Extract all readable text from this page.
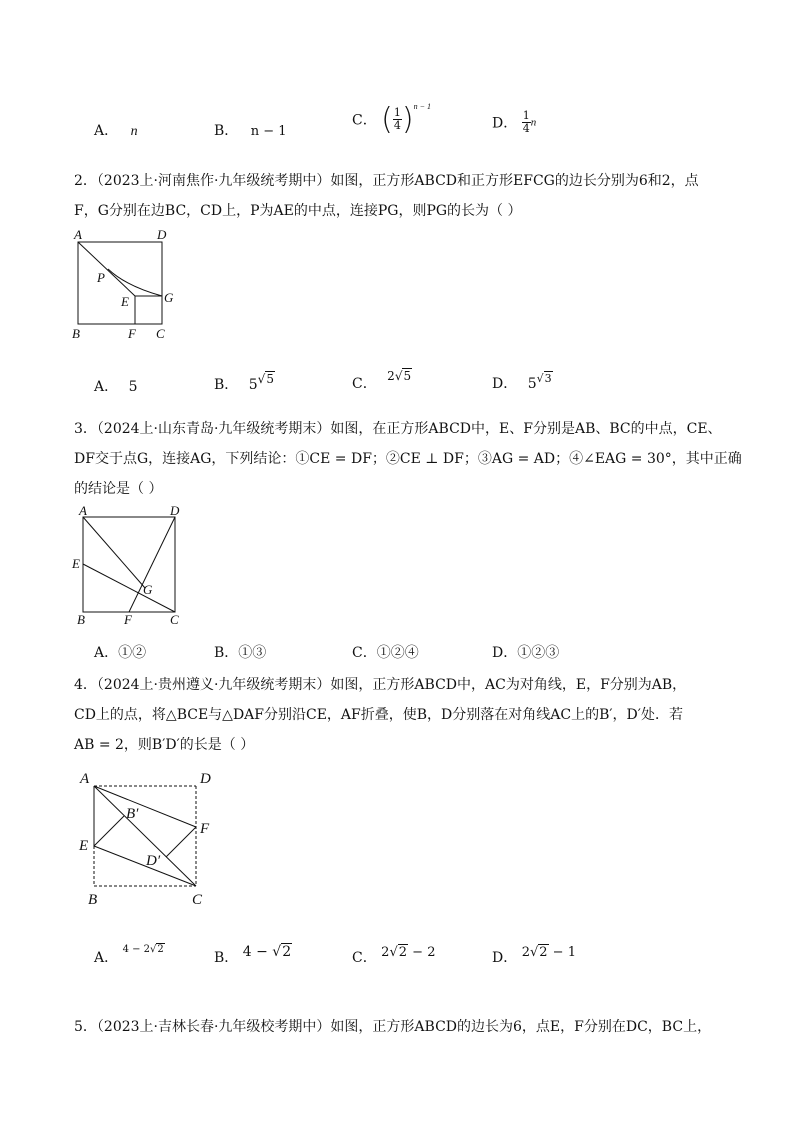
A． n	B． n − 1
C． ( $\frac{1}{4} )^{n - 1}$
D． $\frac{1}{4}$ n
2．（2023上·河南焦作·九年级统考期中）如图，正方形ABCD和正方形EFCG的边长分别为6和2，点
F，G分别在边BC，CD上，P为AE的中点，连接PG，则PG的长为（ ）
A	D
P
E	G
B	F C
A． 5	B． 5√5	C． 2√5	D． $5^{√3}$
3．（2024上·山东青岛·九年级统考期末）如图，在正方形ABCD中，E、F分别是AB、BC的中点，CE、
DF交于点G，连接AG，下列结论：①CE = DF；②CE ⊥ DF；③AG = AD；④∠EAG = 30°，其中正确
的结论是（ ）
A	D
E
G
B	F	C
A．①②	B．①③	C．①②④	D．①②③
4．（2024上·贵州遵义·九年级统考期末）如图，正方形ABCD中，AC为对角线，E，F分别为AB，
CD上的点，将△BCE与△DAF分别沿CE，AF折叠，使B，D分别落在对角线AC上的B′，D′处．若
AB = 2，则B′D′的长是（ ）
A	D
B′
F
E
D′
B	C
A． $^{4 - 2√2}$
B． 4 − √2	C． 2√2 − 2	D． 2√2 − 1
5．（2023上·吉林长春·九年级校考期中）如图，正方形ABCD的边长为6，点E，F分别在DC，BC上，
